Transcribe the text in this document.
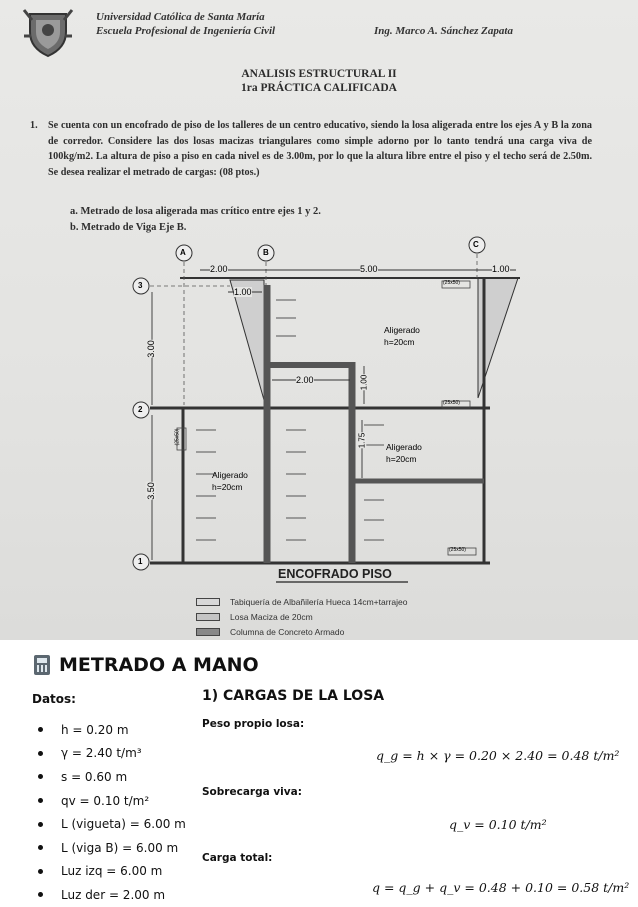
Universidad Católica de Santa María
Escuela Profesional de Ingeniería Civil	Ing. Marco A. Sánchez Zapata
ANALISIS ESTRUCTURAL II
1ra PRÁCTICA CALIFICADA
1. Se cuenta con un encofrado de piso de los talleres de un centro educativo, siendo la losa aligerada entre los ejes A y B la zona de corredor. Considere las dos losas macizas triangulares como simple adorno por lo tanto tendrá una carga viva de 100kg/m2. La altura de piso a piso en cada nivel es de 3.00m, por lo que la altura libre entre el piso y el techo será de 2.50m. Se desea realizar el metrado de cargas: (08 ptos.)
a. Metrado de losa aligerada mas crítico entre ejes 1 y 2.
b. Metrado de Viga Eje B.
A	B
C
3
2
1
2.00	5.00	1.00
1.00
2.00	1.00
1.75
3.00
3.50
Aligerado
h=20cm
Aligerado
h=20cm
Aligerado
h=20cm
(25x50)
(25x50)
(25x50)
(25x50)
ENCOFRADO PISO
Tabiquería de Albañilería Hueca 14cm+tarrajeo
Losa Maciza de 20cm
Columna de Concreto Armado
METRADO A MANO
Datos:
h = 0.20 m
γ = 2.40 t/m³
s = 0.60 m
qv = 0.10 t/m²
L (vigueta) = 6.00 m
L (viga B) = 6.00 m
Luz izq = 6.00 m
Luz der = 2.00 m
1) CARGAS DE LA LOSA
Peso propio losa:
q_g = h × γ = 0.20 × 2.40 = 0.48 t/m²
Sobrecarga viva:
q_v = 0.10 t/m²
Carga total:
q = q_g + q_v = 0.48 + 0.10 = 0.58 t/m²
